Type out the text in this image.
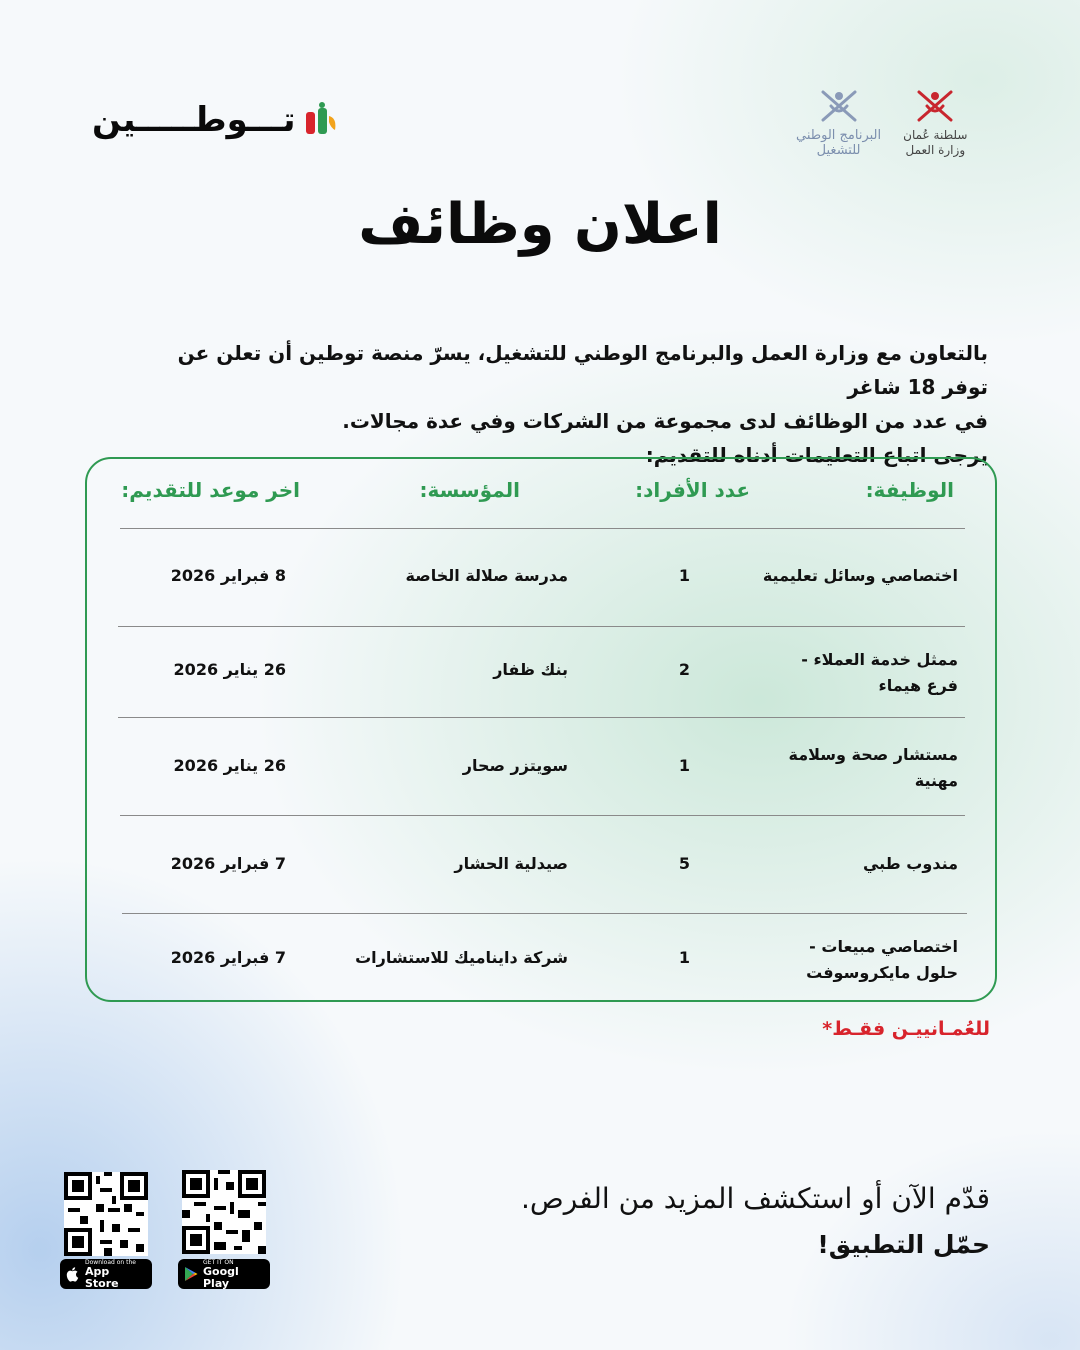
تـــوطـــــين	البرنامج الوطني
للتشغيل
سلطنة عُمان
وزارة العمل
اعلان وظائف
بالتعاون مع وزارة العمل والبرنامج الوطني للتشغيل، يسرّ منصة توطين أن تعلن عن توفر 18 شاغر
في عدد من الوظائف لدى مجموعة من الشركات وفي عدة مجالات.
يرجى اتباع التعليمات أدناه للتقديم:
الوظيفة:
عدد الأفراد:
المؤسسة:
اخر موعد للتقديم:
اختصاصي وسائل تعليمية
1
مدرسة صلالة الخاصة
8 فبراير 2026
ممثل خدمة العملاء -
فرع هيماء
2
بنك ظفار
26 يناير 2026
مستشار صحة وسلامة
مهنية
1
سويتزر صحار
26 يناير 2026
مندوب طبي
5
صيدلية الحشار
7 فبراير 2026
اختصاصي مبيعات -
حلول مايكروسوفت
1
شركة دايناميك للاستشارات
7 فبراير 2026
للعُمـانييـن فقـط*
قدّم الآن أو استكشف المزيد من الفرص.
حمّل التطبيق!
Download on the
App Store
GET IT ON
Googl Play
